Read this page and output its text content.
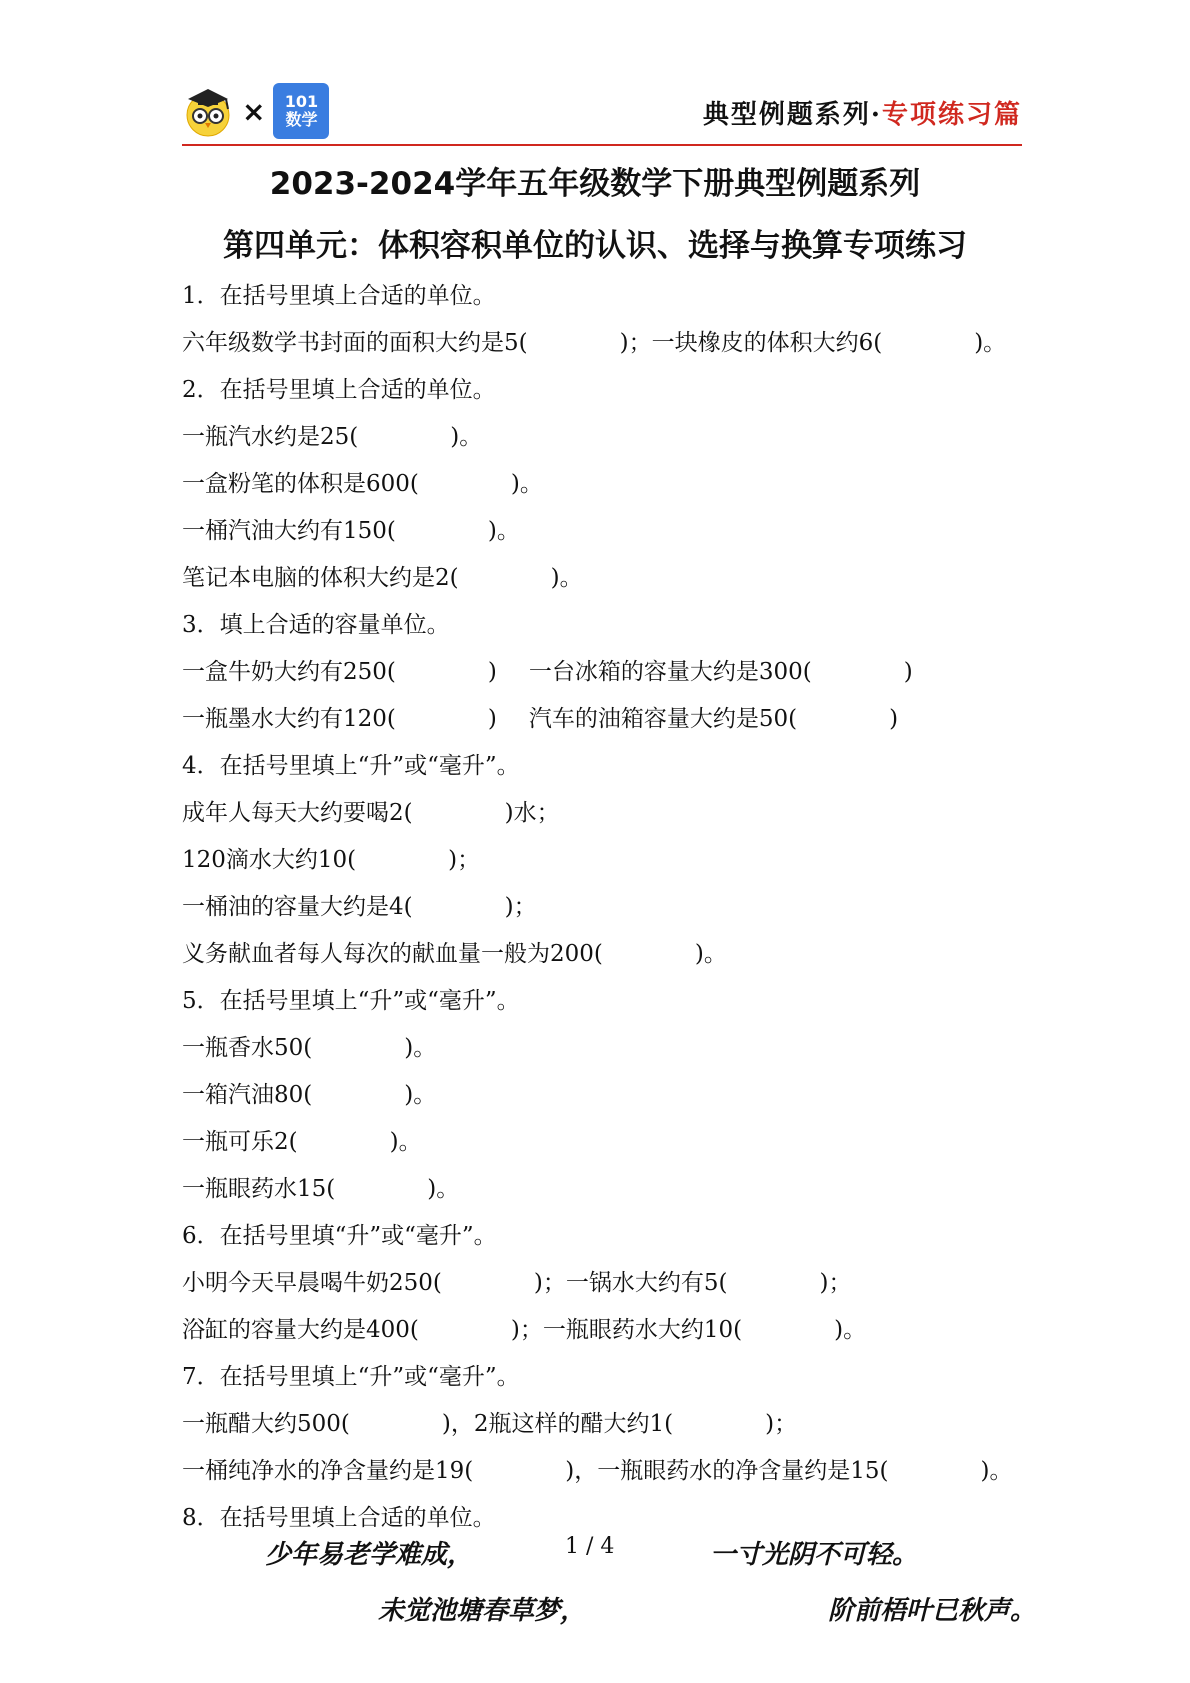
× 101
数学	典型例题系列·专项练习篇
2023-2024学年五年级数学下册典型例题系列
第四单元：体积容积单位的认识、选择与换算专项练习
1．在括号里填上合适的单位。
六年级数学书封面的面积大约是5(	)；一块橡皮的体积大约6(	)。
2．在括号里填上合适的单位。
一瓶汽水约是25(	)。
一盒粉笔的体积是600(	)。
一桶汽油大约有150(	)。
笔记本电脑的体积大约是2(	)。
3．填上合适的容量单位。
一盒牛奶大约有250(	) 一台冰箱的容量大约是300(	)
一瓶墨水大约有120(	) 汽车的油箱容量大约是50(	)
4．在括号里填上“升”或“毫升”。
成年人每天大约要喝2(	)水；
120滴水大约10(	)；
一桶油的容量大约是4(	)；
义务献血者每人每次的献血量一般为200(	)。
5．在括号里填上“升”或“毫升”。
一瓶香水50(	)。
一箱汽油80(	)。
一瓶可乐2(	)。
一瓶眼药水15(	)。
6．在括号里填“升”或“毫升”。
小明今天早晨喝牛奶250(	)；一锅水大约有5(	)；
浴缸的容量大约是400(	)；一瓶眼药水大约10(	)。
7．在括号里填上“升”或“毫升”。
一瓶醋大约500(	)，2瓶这样的醋大约1(	)；
一桶纯净水的净含量约是19(	)，一瓶眼药水的净含量约是15(	)。
8．在括号里填上合适的单位。
少年易老学难成，	1 / 4	一寸光阴不可轻。
未觉池塘春草梦，	阶前梧叶已秋声。
